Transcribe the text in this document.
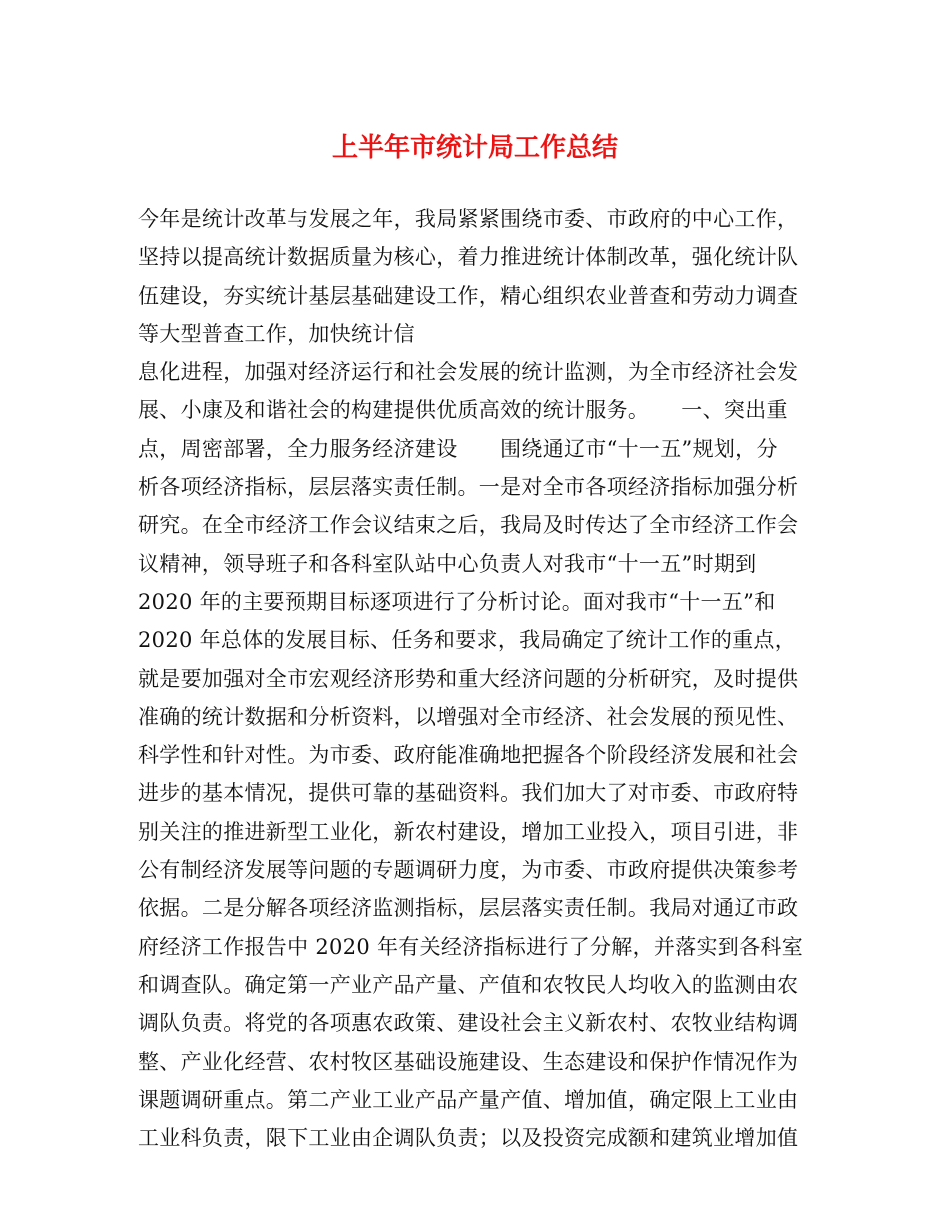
上半年市统计局工作总结
今年是统计改革与发展之年，我局紧紧围绕市委、市政府的中心工作，
坚持以提高统计数据质量为核心，着力推进统计体制改革，强化统计队
伍建设，夯实统计基层基础建设工作，精心组织农业普查和劳动力调查
等大型普查工作，加快统计信
息化进程，加强对经济运行和社会发展的统计监测，为全市经济社会发
展、小康及和谐社会的构建提供优质高效的统计服务。　　一、突出重
点，周密部署，全力服务经济建设　　围绕通辽市“十一五”规划，分
析各项经济指标，层层落实责任制。一是对全市各项经济指标加强分析
研究。在全市经济工作会议结束之后，我局及时传达了全市经济工作会
议精神，领导班子和各科室队站中心负责人对我市“十一五”时期到
2020 年的主要预期目标逐项进行了分析讨论。面对我市“十一五”和
2020 年总体的发展目标、任务和要求，我局确定了统计工作的重点，
就是要加强对全市宏观经济形势和重大经济问题的分析研究，及时提供
准确的统计数据和分析资料，以增强对全市经济、社会发展的预见性、
科学性和针对性。为市委、政府能准确地把握各个阶段经济发展和社会
进步的基本情况，提供可靠的基础资料。我们加大了对市委、市政府特
别关注的推进新型工业化，新农村建设，增加工业投入，项目引进，非
公有制经济发展等问题的专题调研力度，为市委、市政府提供决策参考
依据。二是分解各项经济监测指标，层层落实责任制。我局对通辽市政
府经济工作报告中 2020 年有关经济指标进行了分解，并落实到各科室
和调查队。确定第一产业产品产量、产值和农牧民人均收入的监测由农
调队负责。将党的各项惠农政策、建设社会主义新农村、农牧业结构调
整、产业化经营、农村牧区基础设施建设、生态建设和保护作情况作为
课题调研重点。第二产业工业产品产量产值、增加值，确定限上工业由
工业科负责，限下工业由企调队负责；以及投资完成额和建筑业增加值
